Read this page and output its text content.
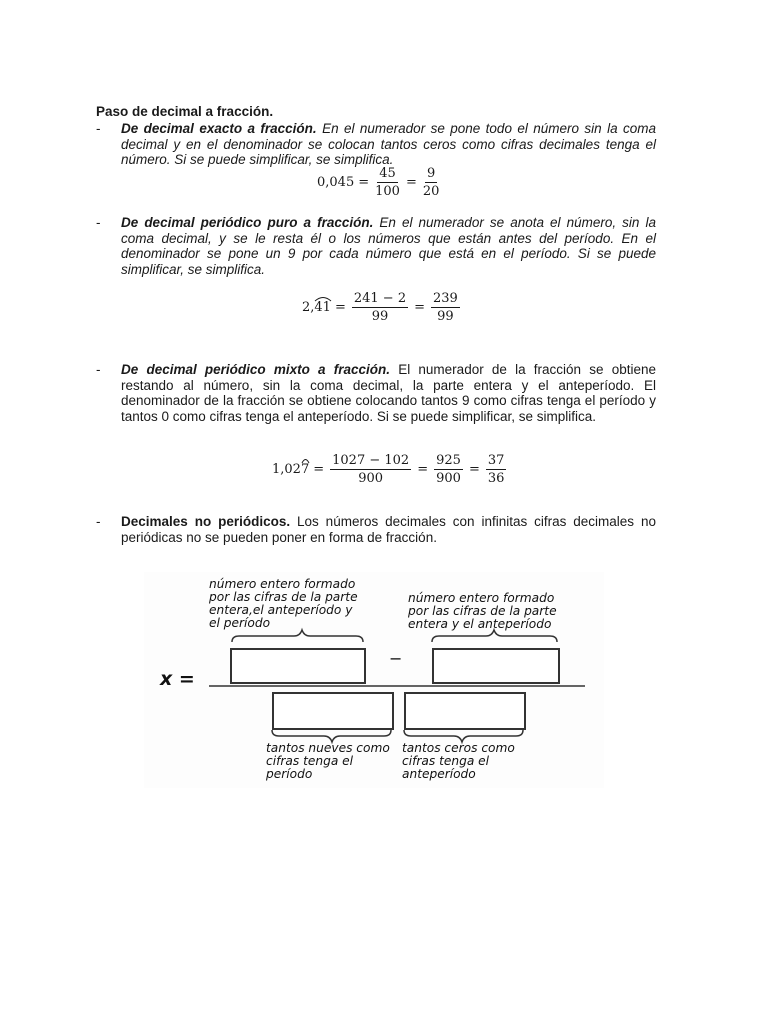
Paso de decimal a fracción.
- De decimal exacto a fracción. En el numerador se pone todo el número sin la coma decimal y en el denominador se colocan tantos ceros como cifras decimales tenga el número. Si se puede simplificar, se simplifica.
$0,045 = \frac{45}{100} = \frac{9}{20}$
- De decimal periódico puro a fracción. En el numerador se anota el número, sin la coma decimal, y se le resta él o los números que están antes del período. En el denominador se pone un 9 por cada número que está en el período. Si se puede simplificar, se simplifica.
2,
$41 = \frac{241 - 2}{99} = \frac{239}{99}$
- De decimal periódico mixto a fracción. El numerador de la fracción se obtiene restando al número, sin la coma decimal, la parte entera y el anteperíodo. El denominador de la fracción se obtiene colocando tantos 9 como cifras tenga el período y tantos 0 como cifras tenga el anteperíodo. Si se puede simplificar, se simplifica.
1,02
$7 = \frac{1027 - 102}{900} = \frac{925}{900} = \frac{37}{36}$
- Decimales no periódicos. Los números decimales con infinitas cifras decimales no periódicas no se pueden poner en forma de fracción.
número entero formado
por las cifras de la parte
entera,el anteperíodo y
el período
número entero formado
por las cifras de la parte
entera y el anteperíodo
−
x =
tantos nueves como
cifras tenga el
período
tantos ceros como
cifras tenga el
anteperíodo
